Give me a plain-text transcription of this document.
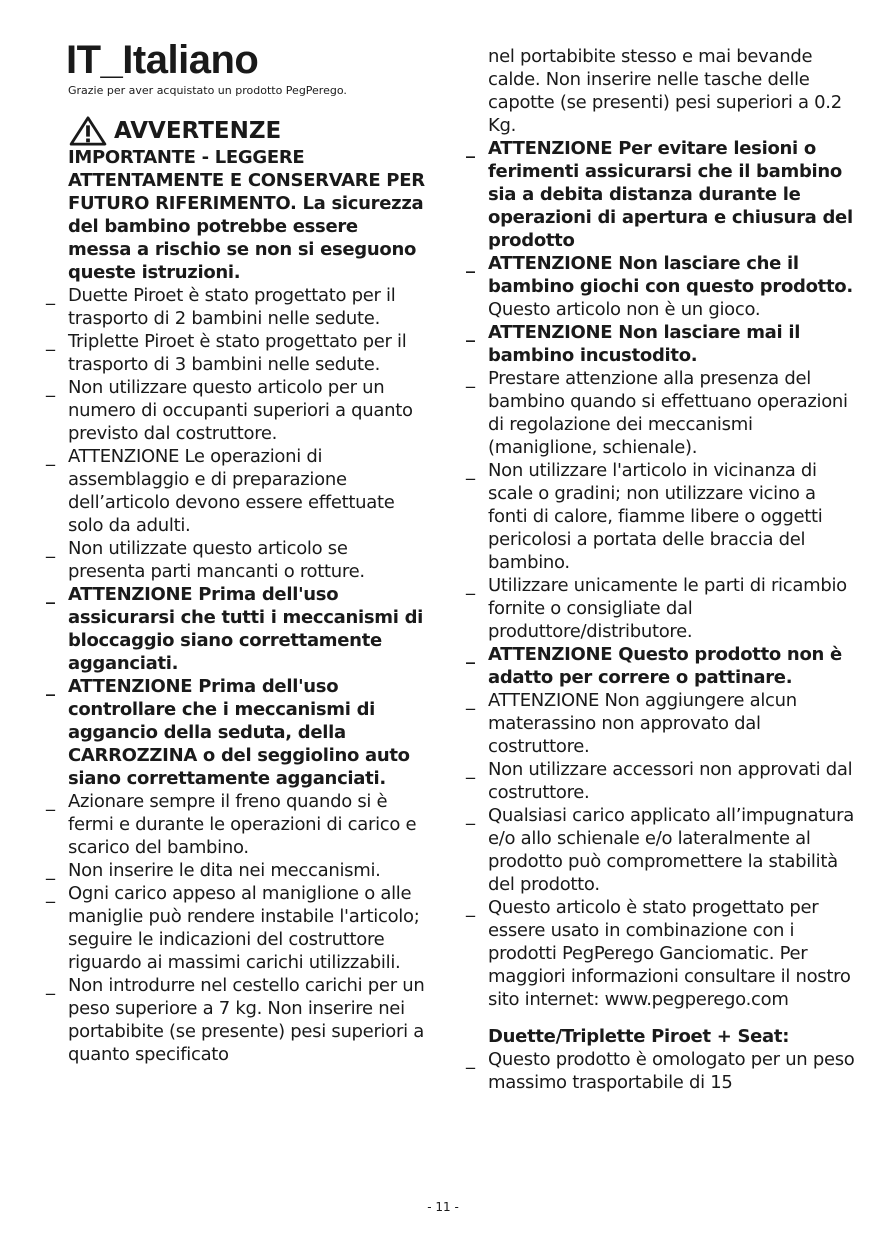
IT_Italiano
Grazie per aver acquistato un prodotto PegPerego.
AVVERTENZE
IMPORTANTE - LEGGERE ATTENTAMENTE E CONSERVARE PER FUTURO RIFERIMENTO. La sicurezza del bambino potrebbe essere messa a rischio se non si eseguono queste istruzioni.
_ Duette Piroet è stato progettato per il trasporto di 2 bambini nelle sedute.
_ Triplette Piroet è stato progettato per il trasporto di 3 bambini nelle sedute.
_ Non utilizzare questo articolo per un numero di occupanti superiori a quanto previsto dal costruttore.
_ ATTENZIONE Le operazioni di assemblaggio e di preparazione dell’articolo devono essere effettuate solo da adulti.
_ Non utilizzate questo articolo se presenta parti mancanti o rotture.
_ ATTENZIONE Prima dell'uso assicurarsi che tutti i meccanismi di bloccaggio siano correttamente agganciati.
_ ATTENZIONE Prima dell'uso controllare che i meccanismi di aggancio della seduta, della CARROZZINA o del seggiolino auto siano correttamente agganciati.
_ Azionare sempre il freno quando si è fermi e durante le operazioni di carico e scarico del bambino.
_ Non inserire le dita nei meccanismi.
_ Ogni carico appeso al maniglione o alle maniglie può rendere instabile l'articolo; seguire le indicazioni del costruttore riguardo ai massimi carichi utilizzabili.
_ Non introdurre nel cestello carichi per un peso superiore a 7 kg. Non inserire nei portabibite (se presente) pesi superiori a quanto specificato
nel portabibite stesso e mai bevande calde. Non inserire nelle tasche delle capotte (se presenti) pesi superiori a 0.2 Kg.
_ ATTENZIONE Per evitare lesioni o ferimenti assicurarsi che il bambino sia a debita distanza durante le operazioni di apertura e chiusura del prodotto
_ ATTENZIONE Non lasciare che il bambino giochi con questo prodotto.
Questo articolo non è un gioco.
_ ATTENZIONE Non lasciare mai il bambino incustodito.
_ Prestare attenzione alla presenza del bambino quando si effettuano operazioni di regolazione dei meccanismi (maniglione, schienale).
_ Non utilizzare l'articolo in vicinanza di scale o gradini; non utilizzare vicino a fonti di calore, fiamme libere o oggetti pericolosi a portata delle braccia del bambino.
_ Utilizzare unicamente le parti di ricambio fornite o consigliate dal produttore/distributore.
_ ATTENZIONE Questo prodotto non è adatto per correre o pattinare.
_ ATTENZIONE Non aggiungere alcun materassino non approvato dal costruttore.
_ Non utilizzare accessori non approvati dal costruttore.
_ Qualsiasi carico applicato all’impugnatura e/o allo schienale e/o lateralmente al prodotto può compromettere la stabilità del prodotto.
_ Questo articolo è stato progettato per essere usato in combinazione con i prodotti PegPerego Ganciomatic. Per maggiori informazioni consultare il nostro sito internet: www.pegperego.com
Duette/Triplette Piroet + Seat:
_ Questo prodotto è omologato per un peso massimo trasportabile di 15
- 11 -
